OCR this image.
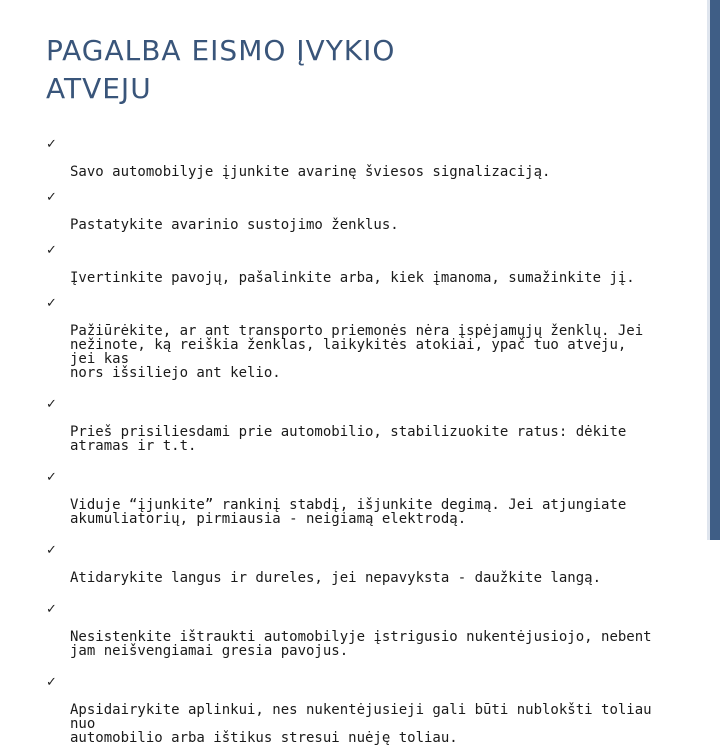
PAGALBA EISMO ĮVYKIO
ATVEJU

✓

Savo automobilyje įjunkite avarinę šviesos signalizaciją.

✓

Pastatykite avarinio sustojimo ženklus.

✓

Įvertinkite pavojų, pašalinkite arba, kiek įmanoma, sumažinkite jį.

✓

Pažiūrėkite, ar ant transporto priemonės nėra įspėjamųjų ženklų. Jei
nežinote, ką reiškia ženklas, laikykitės atokiai, ypač tuo atveju, jei kas
nors išsiliejo ant kelio.

✓

Prieš prisiliesdami prie automobilio, stabilizuokite ratus: dėkite
atramas ir t.t.

✓

Viduje “įjunkite” rankinį stabdį, išjunkite degimą. Jei atjungiate
akumuliatorių, pirmiausia - neigiamą elektrodą.

✓

Atidarykite langus ir dureles, jei nepavyksta - daužkite langą.

✓

Nesistenkite ištraukti automobilyje įstrigusio nukentėjusiojo, nebent
jam neišvengiamai gresia pavojus.

✓

Apsidairykite aplinkui, nes nukentėjusieji gali būti nublokšti toliau nuo
automobilio arba ištikus stresui nuėję toliau.
